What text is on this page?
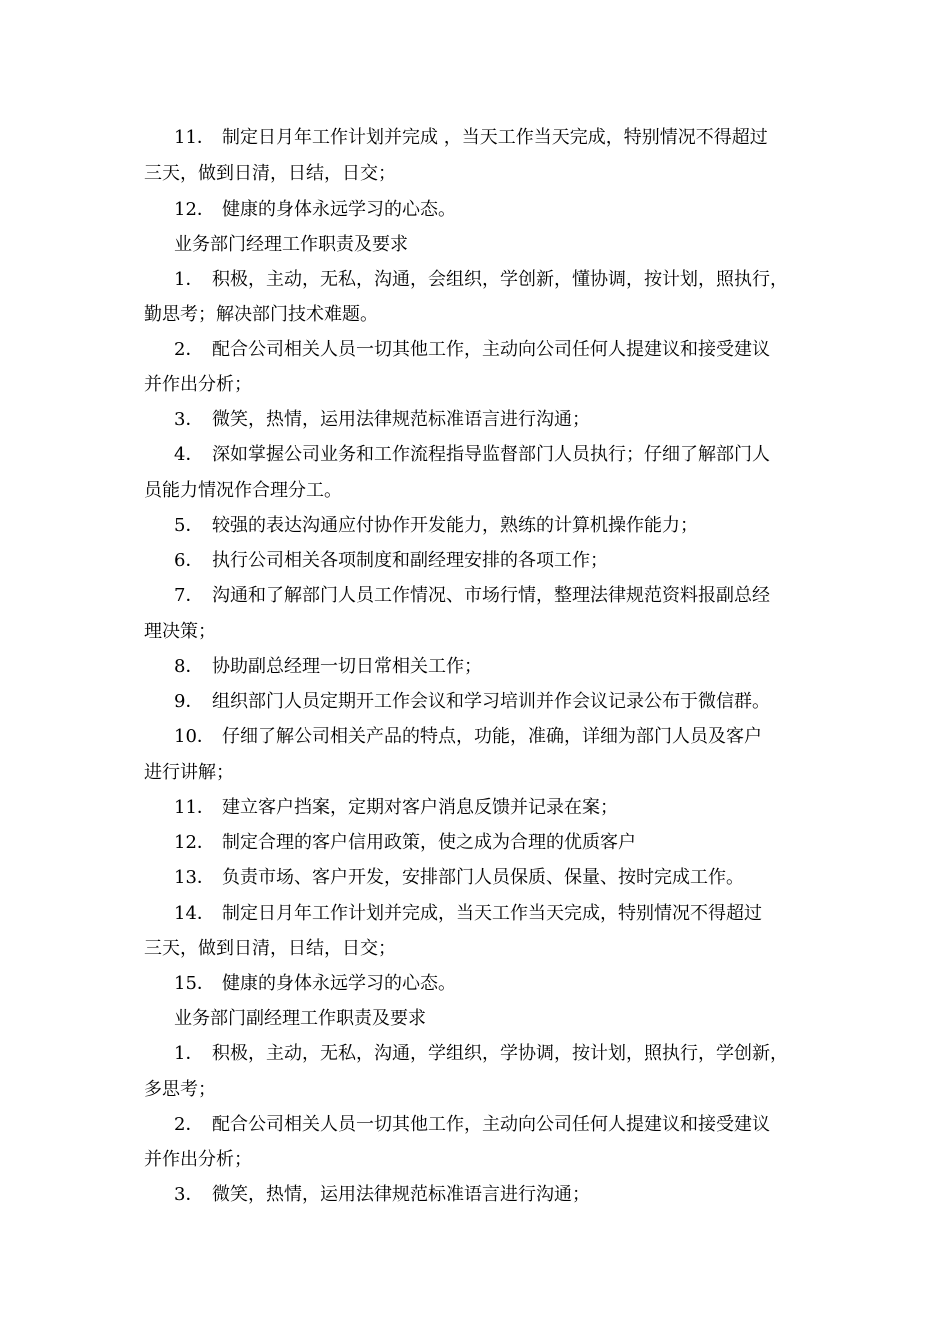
11． 制定日月年工作计划并完成 ，当天工作当天完成，特别情况不得超过
三天，做到日清，日结，日交；
12． 健康的身体永远学习的心态。
业务部门经理工作职责及要求
1． 积极，主动，无私，沟通，会组织，学创新，懂协调，按计划，照执行，
勤思考；解决部门技术难题。
2． 配合公司相关人员一切其他工作，主动向公司任何人提建议和接受建议
并作出分析；
3． 微笑，热情，运用法律规范标准语言进行沟通；
4． 深如掌握公司业务和工作流程指导监督部门人员执行；仔细了解部门人
员能力情况作合理分工。
5． 较强的表达沟通应付协作开发能力，熟练的计算机操作能力；
6． 执行公司相关各项制度和副经理安排的各项工作；
7． 沟通和了解部门人员工作情况、市场行情，整理法律规范资料报副总经
理决策；
8． 协助副总经理一切日常相关工作；
9． 组织部门人员定期开工作会议和学习培训并作会议记录公布于微信群。
10． 仔细了解公司相关产品的特点，功能，准确，详细为部门人员及客户
进行讲解；
11． 建立客户挡案，定期对客户消息反馈并记录在案；
12． 制定合理的客户信用政策，使之成为合理的优质客户
13． 负责市场、客户开发，安排部门人员保质、保量、按时完成工作。
14． 制定日月年工作计划并完成，当天工作当天完成，特别情况不得超过
三天，做到日清，日结，日交；
15． 健康的身体永远学习的心态。
业务部门副经理工作职责及要求
1． 积极，主动，无私，沟通，学组织，学协调，按计划，照执行，学创新，
多思考；
2． 配合公司相关人员一切其他工作，主动向公司任何人提建议和接受建议
并作出分析；
3． 微笑，热情，运用法律规范标准语言进行沟通；
